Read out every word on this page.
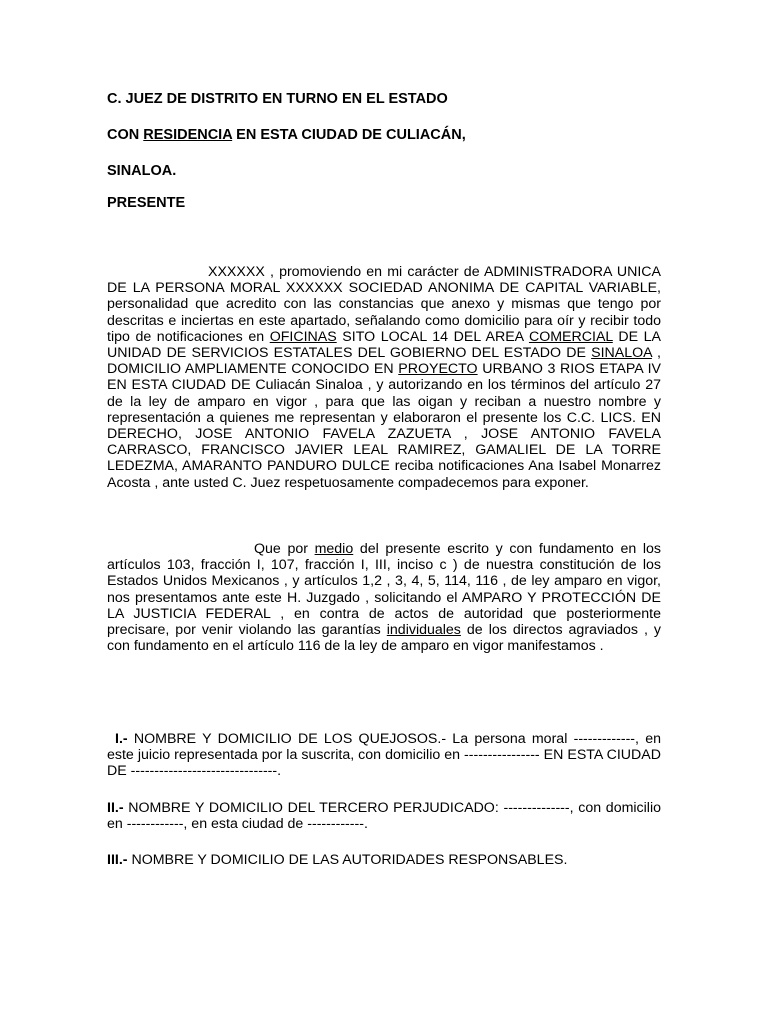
C. JUEZ DE DISTRITO EN TURNO EN EL ESTADO

CON RESIDENCIA EN ESTA CIUDAD DE CULIACÁN,

SINALOA.

PRESENTE

XXXXXX , promoviendo en mi carácter de ADMINISTRADORA UNICA DE LA PERSONA MORAL XXXXXX SOCIEDAD ANONIMA DE CAPITAL VARIABLE, personalidad que acredito con las constancias que anexo y mismas que tengo por descritas e inciertas en este apartado, señalando como domicilio para oír y recibir todo tipo de notificaciones en OFICINAS SITO LOCAL 14 DEL AREA COMERCIAL DE LA UNIDAD DE SERVICIOS ESTATALES DEL GOBIERNO DEL ESTADO DE SINALOA , DOMICILIO AMPLIAMENTE CONOCIDO EN PROYECTO URBANO 3 RIOS ETAPA IV EN ESTA CIUDAD DE Culiacán Sinaloa , y autorizando en los términos del artículo 27 de la ley de amparo en vigor , para que las oigan y reciban a nuestro nombre y representación a quienes me representan y elaboraron el presente los C.C. LICS. EN DERECHO, JOSE ANTONIO FAVELA ZAZUETA , JOSE ANTONIO FAVELA CARRASCO, FRANCISCO JAVIER LEAL RAMIREZ, GAMALIEL DE LA TORRE LEDEZMA, AMARANTO PANDURO DULCE reciba notificaciones Ana Isabel Monarrez Acosta , ante usted C. Juez respetuosamente compadecemos para exponer.

Que por medio del presente escrito y con fundamento en los artículos 103, fracción I, 107, fracción I, III, inciso c ) de nuestra constitución de los Estados Unidos Mexicanos , y artículos 1,2 , 3, 4, 5, 114, 116 , de ley amparo en vigor, nos presentamos ante este H. Juzgado , solicitando el AMPARO Y PROTECCIÓN DE LA JUSTICIA FEDERAL , en contra de actos de autoridad que posteriormente precisare, por venir violando las garantías individuales de los directos agraviados , y con fundamento en el artículo 116 de la ley de amparo en vigor manifestamos .

I.- NOMBRE Y DOMICILIO DE LOS QUEJOSOS.- La persona moral -------------, en este juicio representada por la suscrita, con domicilio en ---------------- EN ESTA CIUDAD DE -------------------------------.

II.- NOMBRE Y DOMICILIO DEL TERCERO PERJUDICADO: --------------, con domicilio en ------------, en esta ciudad de ------------.

III.- NOMBRE Y DOMICILIO DE LAS AUTORIDADES RESPONSABLES.
